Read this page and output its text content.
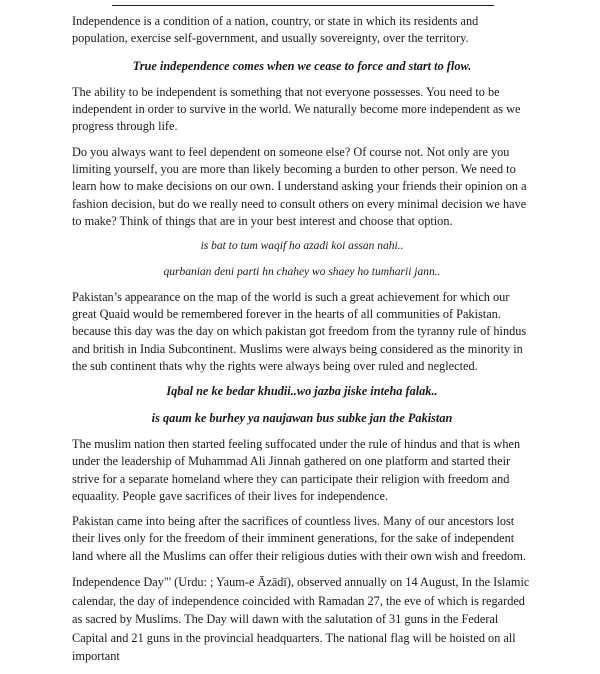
Independence is a condition of a nation, country, or state in which its residents and population, exercise self-government, and usually sovereignty, over the territory.

True independence comes when we cease to force and start to flow.

The ability to be independent is something that not everyone possesses. You need to be independent in order to survive in the world. We naturally become more independent as we progress through life.

Do you always want to feel dependent on someone else? Of course not. Not only are you limiting yourself, you are more than likely becoming a burden to other person. We need to learn how to make decisions on our own. I understand asking your friends their opinion on a fashion decision, but do we really need to consult others on every minimal decision we have to make? Think of things that are in your best interest and choose that option.

is bat to tum waqif ho azadi koi assan nahi..

qurbanian deni parti hn chahey wo shaey ho tumharii jann..

Pakistan’s appearance on the map of the world is such a great achievement for which our great Quaid would be remembered forever in the hearts of all communities of Pakistan. because this day was the day on which pakistan got freedom from the tyranny rule of hindus and british in India Subcontinent. Muslims were always being considered as the minority in the sub continent thats why the rights were always being over ruled and neglected.

Iqbal ne ke bedar khudii..wo jazba jiske inteha falak..

is qaum ke burhey ya naujawan bus subke jan the Pakistan

The muslim nation then started feeling suffocated under the rule of hindus and that is when under the leadership of Muhammad Ali Jinnah gathered on one platform and started their strive for a separate homeland where they can participate their religion with freedom and equaality. People gave sacrifices of their lives for independence.

Pakistan came into being after the sacrifices of countless lives. Many of our ancestors lost their lives only for the freedom of their imminent generations, for the sake of independent land where all the Muslims can offer their religious duties with their own wish and freedom.

Independence Day"' (Urdu: ; Yaum-e Āzādī), observed annually on 14 August, In the Islamic calendar, the day of independence coincided with Ramadan 27, the eve of which is regarded as sacred by Muslims. The Day will dawn with the salutation of 31 guns in the Federal Capital and 21 guns in the provincial headquarters. The national flag will be hoisted on all important
